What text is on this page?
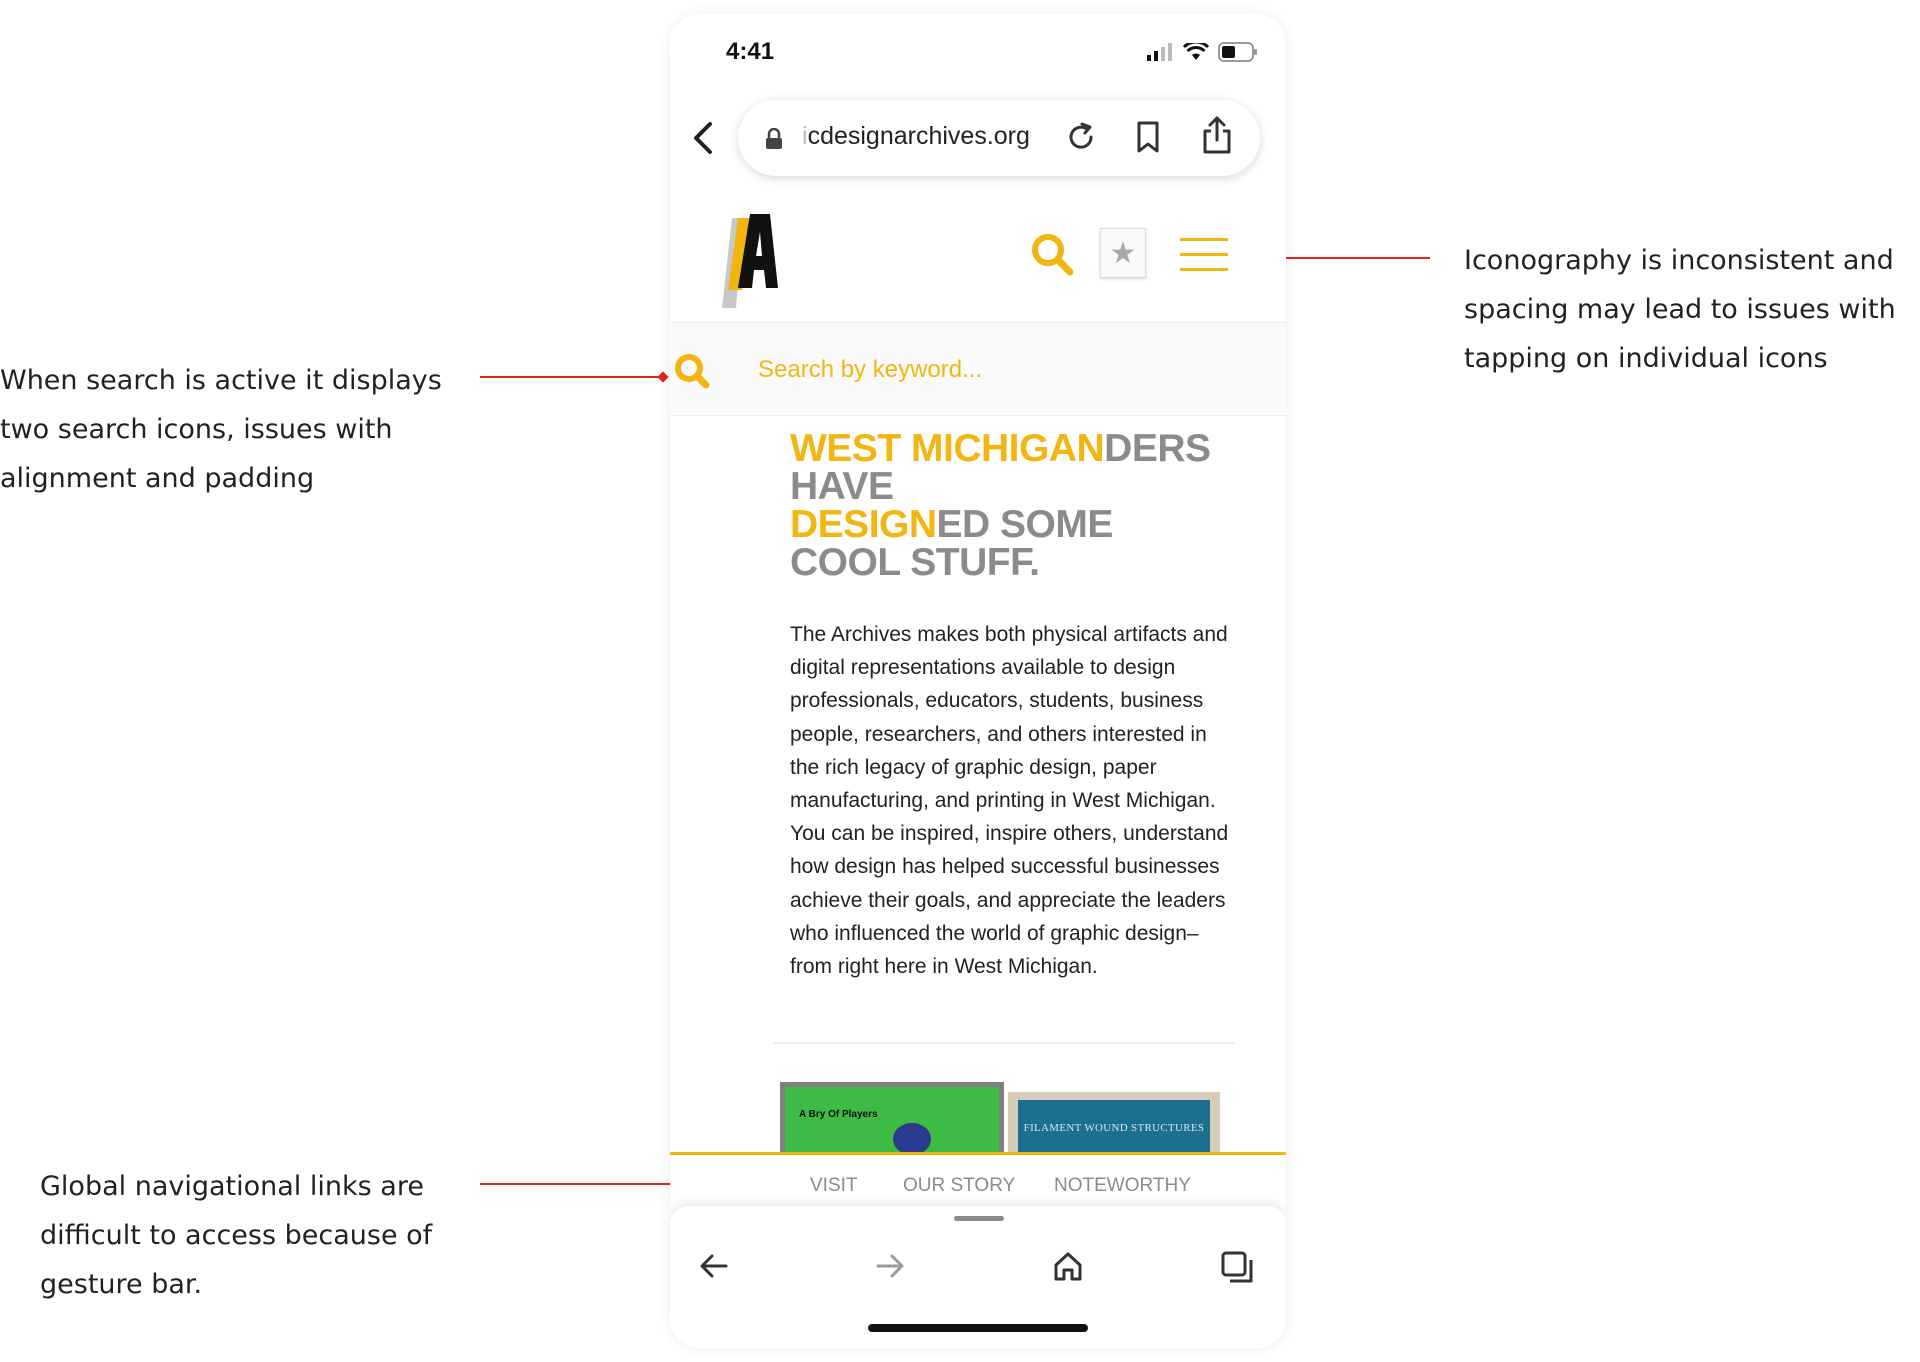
When search is active it displays
two search icons, issues with
alignment and padding
Iconography is inconsistent and
spacing may lead to issues with
tapping on individual icons
Global navigational links are
difficult to access because of
gesture bar.
4:41
icdesignarchives.org
★
Search by keyword...
WEST MICHIGANDERS
HAVE
DESIGNED SOME
COOL STUFF.

The Archives makes both physical artifacts and digital representations available to design professionals, educators, students, business people, researchers, and others interested in the rich legacy of graphic design, paper manufacturing, and printing in West Michigan. You can be inspired, inspire others, understand how design has helped successful businesses achieve their goals, and appreciate the leaders who influenced the world of graphic design– from right here in West Michigan.

A Bry Of Players
FILAMENT WOUND STRUCTURES
VISIT OUR STORY NOTEWORTHY
